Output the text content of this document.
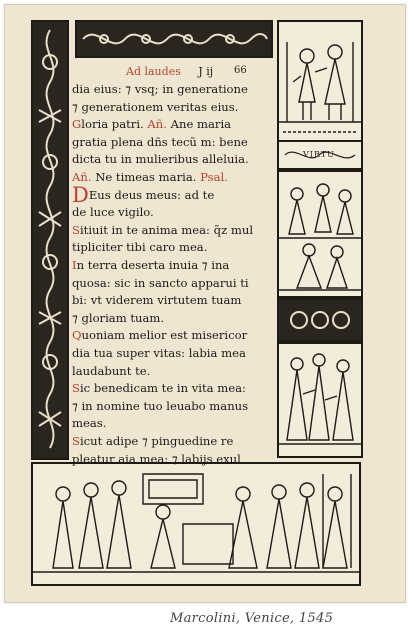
VIRTU
Ad laudes J ij 66
dia eius: ⁊ vsq; in generatione
⁊ generationem veritas eius.
Gloria patri. Añ. Ane maria
gratia plena dñs tecũ m: bene
dicta tu in mulieribus alleluia.
Añ. Ne timeas maria. Psal.
DEus deus meus: ad te
de luce vigilo.
Sitiuit in te anima mea: q̃z mul
tipliciter tibi caro mea.
In terra deserta inuia ⁊ ina
quosa: sic in sancto apparui ti
bi: vt viderem virtutem tuam
⁊ gloriam tuam.
Quoniam melior est misericor
dia tua super vitas: labia mea
laudabunt te.
Sic benedicam te in vita mea:
⁊ in nomine tuo leuabo manus
meas.
Sicut adipe ⁊ pinguedine re
pleatur aia mea: ⁊ labijs exul
Marcolini, Venice, 1545
